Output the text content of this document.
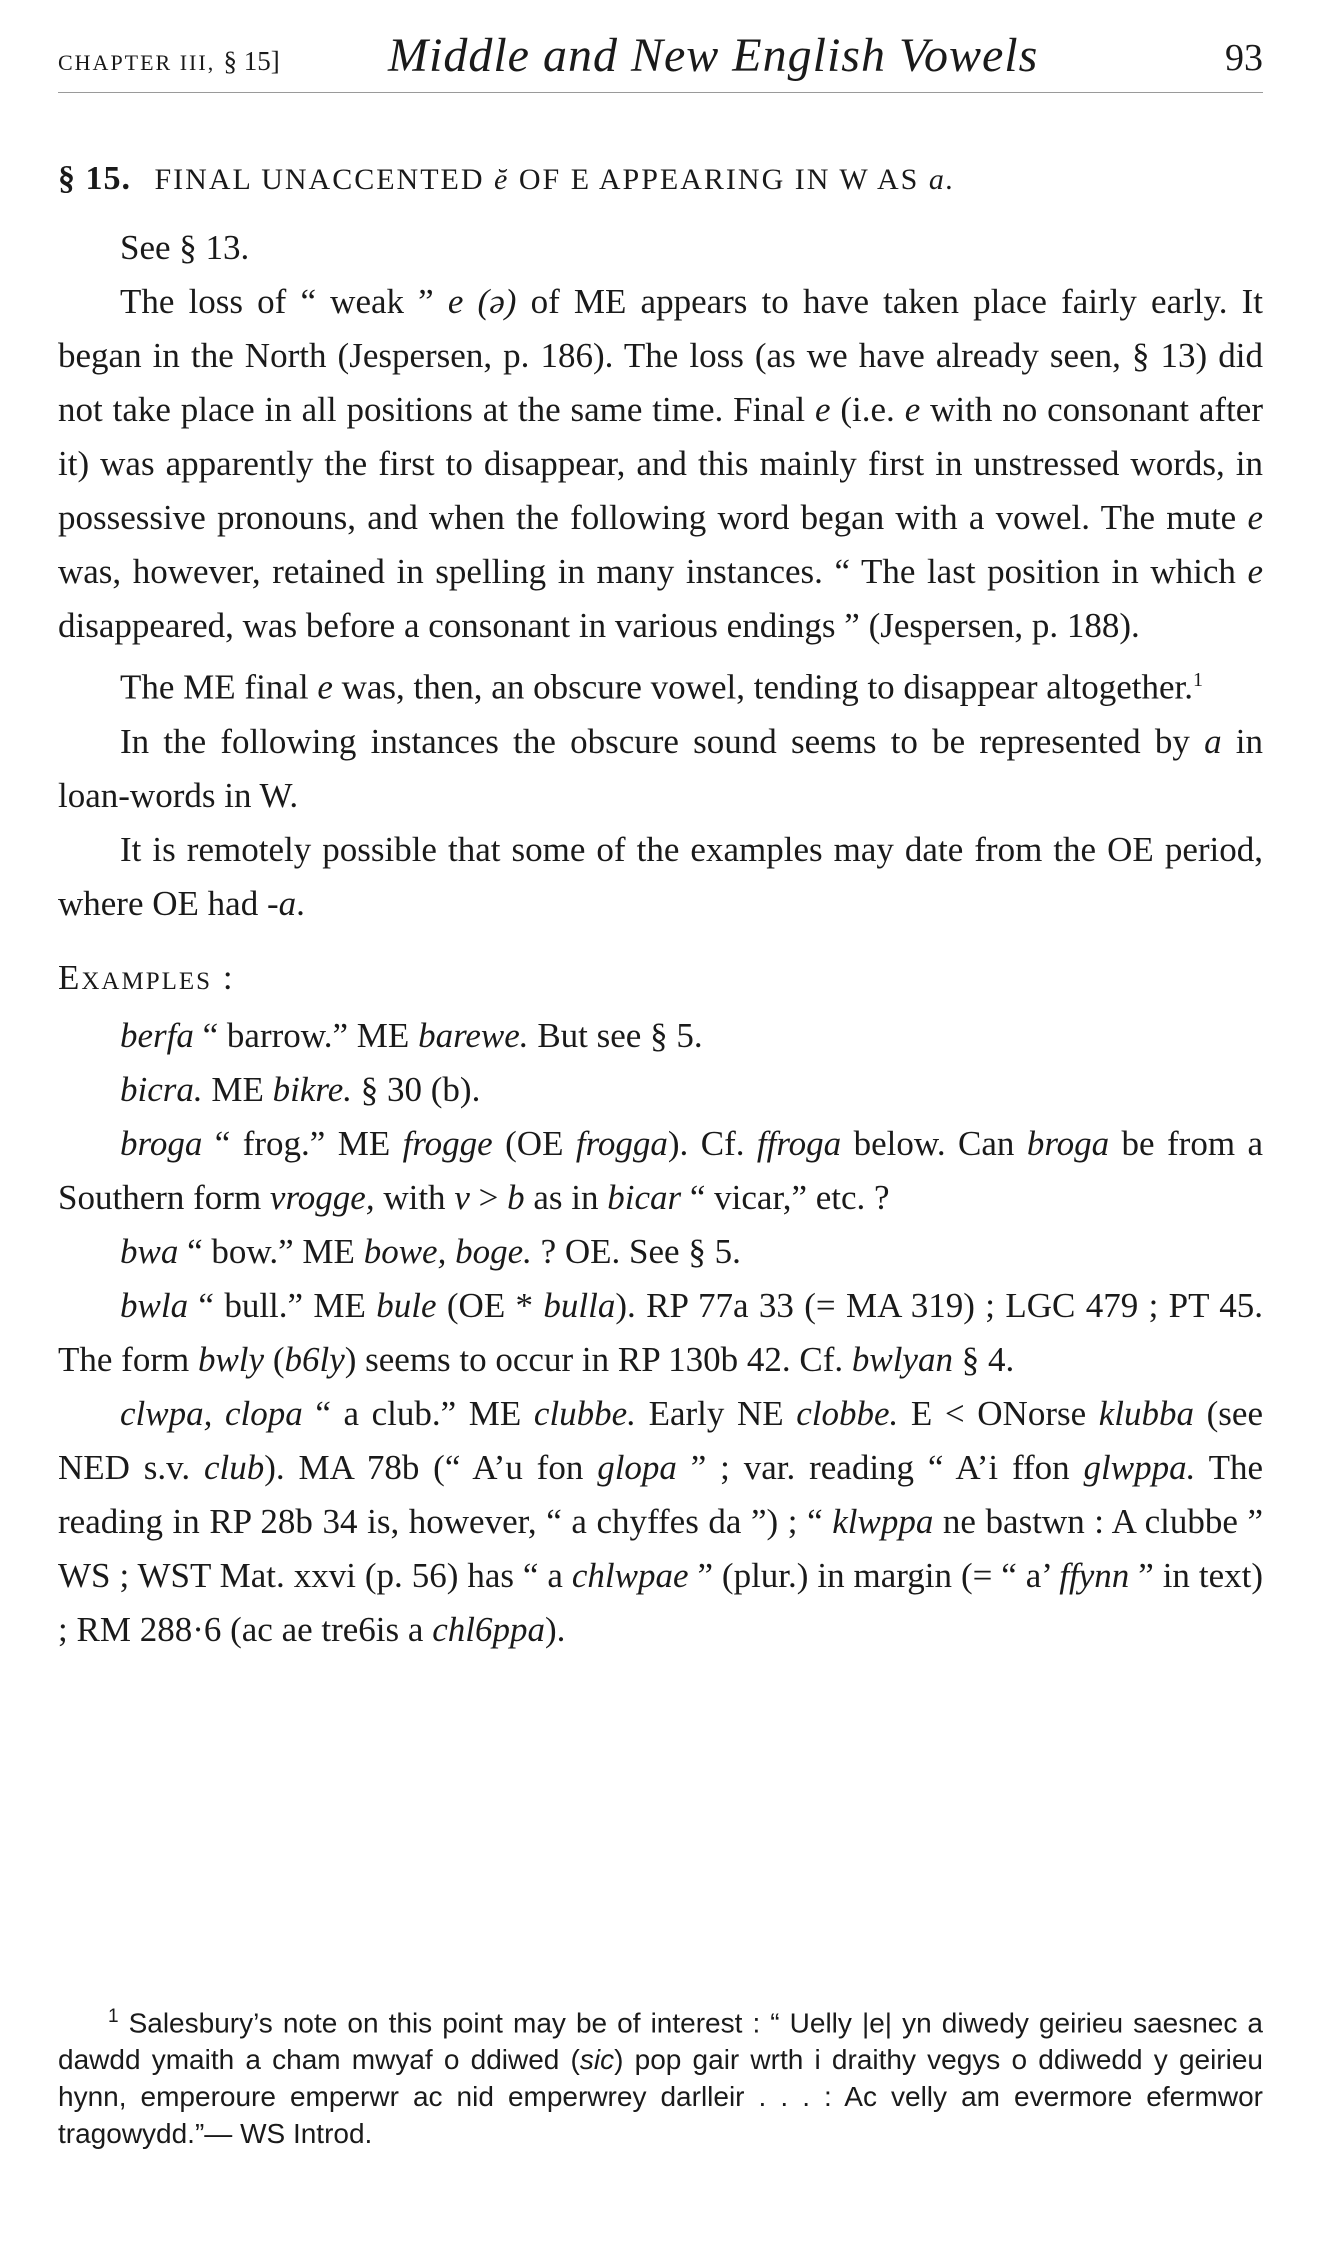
CHAPTER III, § 15] Middle and New English Vowels	93
§ 15. FINAL UNACCENTED ĕ OF E APPEARING IN W AS a.

See § 13.

The loss of “ weak ” e (ə) of ME appears to have taken place fairly early. It began in the North (Jespersen, p. 186). The loss (as we have already seen, § 13) did not take place in all positions at the same time. Final e (i.e. e with no consonant after it) was apparently the first to disappear, and this mainly first in unstressed words, in possessive pronouns, and when the following word began with a vowel. The mute e was, however, retained in spelling in many instances. “ The last position in which e disappeared, was before a consonant in various endings ” (Jespersen, p. 188).

The ME final e was, then, an obscure vowel, tending to disappear altogether.$^1$

In the following instances the obscure sound seems to be represented by a in loan-words in W.

It is remotely possible that some of the examples may date from the OE period, where OE had -a.

Examples :

berfa “ barrow.” ME barewe. But see § 5.

bicra. ME bikre. § 30 (b).

broga “ frog.” ME frogge (OE frogga). Cf. ffroga below. Can broga be from a Southern form vrogge, with v > b as in bicar “ vicar,” etc. ?

bwa “ bow.” ME bowe, boge. ? OE. See § 5.

bwla “ bull.” ME bule (OE * bulla). RP 77a 33 (= MA 319) ; LGC 479 ; PT 45. The form bwly (b6ly) seems to occur in RP 130b 42. Cf. bwlyan § 4.

clwpa, clopa “ a club.” ME clubbe. Early NE clobbe. E < ONorse klubba (see NED s.v. club). MA 78b (“ A’u fon glopa ” ; var. reading “ A’i ffon glwppa. The reading in RP 28b 34 is, however, “ a chyffes da ”) ; “ klwppa ne bastwn : A clubbe ” WS ; WST Mat. xxvi (p. 56) has “ a chlwpae ” (plur.) in margin (= “ a’ ffynn ” in text) ; RM 288·6 (ac ae tre6is a chl6ppa).

$^1$ Salesbury’s note on this point may be of interest : “ Uelly |e| yn diwedy geirieu saesnec a dawdd ymaith a cham mwyaf o ddiwed (sic) pop gair wrth i draithy vegys o ddiwedd y geirieu hynn, emperoure emperwr ac nid emperwrey darlleir . . . : Ac velly am evermore efermwor tragowydd.”— WS Introd.
